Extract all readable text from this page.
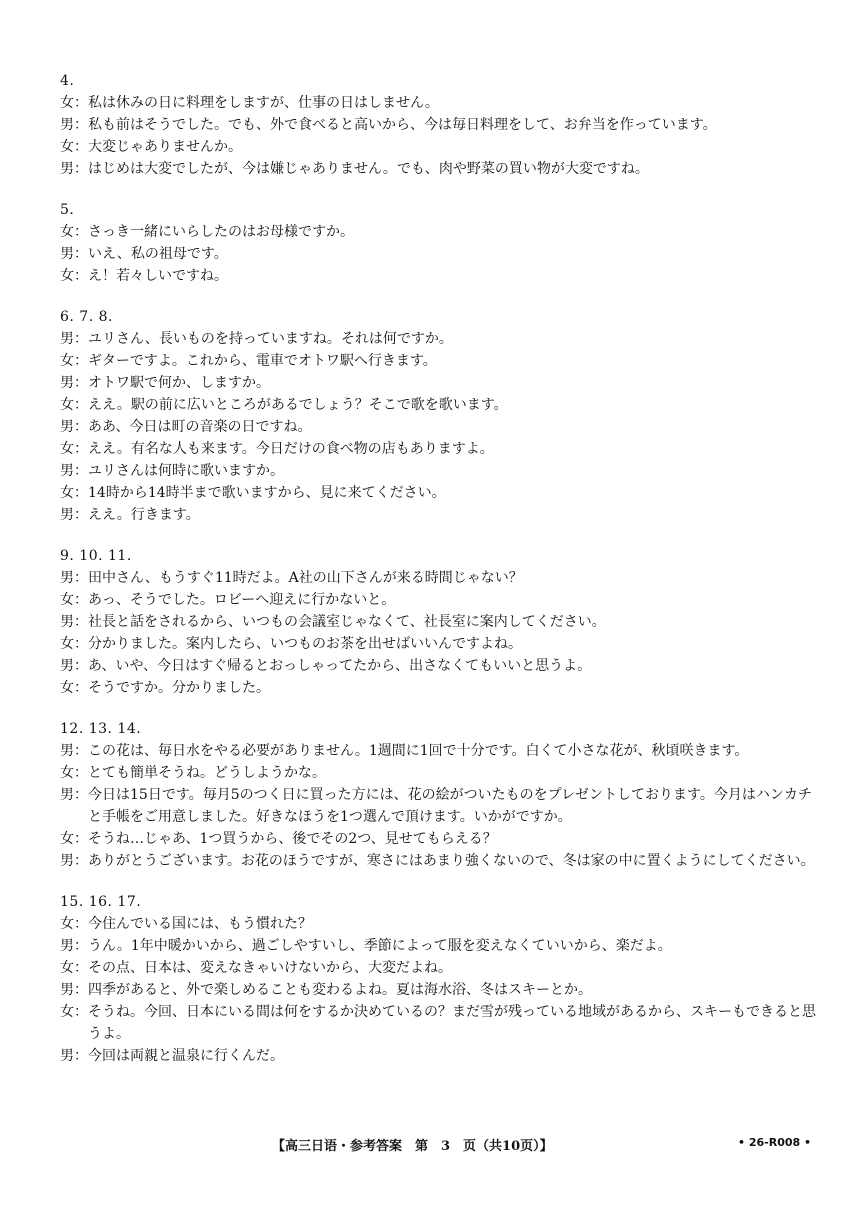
4.
女： 私は休みの日に料理をしますが、仕事の日はしません。
男： 私も前はそうでした。でも、外で食べると高いから、今は毎日料理をして、お弁当を作っています。
女： 大変じゃありませんか。
男： はじめは大変でしたが、今は嫌じゃありません。でも、肉や野菜の買い物が大変ですね。
5.
女： さっき一緒にいらしたのはお母様ですか。
男： いえ、私の祖母です。
女： え！若々しいですね。
6. 7. 8.
男： ユリさん、長いものを持っていますね。それは何ですか。
女： ギターですよ。これから、電車でオトワ駅へ行きます。
男： オトワ駅で何か、しますか。
女： ええ。駅の前に広いところがあるでしょう？そこで歌を歌います。
男： ああ、今日は町の音楽の日ですね。
女： ええ。有名な人も来ます。今日だけの食べ物の店もありますよ。
男： ユリさんは何時に歌いますか。
女： 14時から14時半まで歌いますから、見に来てください。
男： ええ。行きます。
9. 10. 11.
男： 田中さん、もうすぐ11時だよ。A社の山下さんが来る時間じゃない？
女： あっ、そうでした。ロビーへ迎えに行かないと。
男： 社長と話をされるから、いつもの会議室じゃなくて、社長室に案内してください。
女： 分かりました。案内したら、いつものお茶を出せばいいんですよね。
男： あ、いや、今日はすぐ帰るとおっしゃってたから、出さなくてもいいと思うよ。
女： そうですか。分かりました。
12. 13. 14.
男： この花は、毎日水をやる必要がありません。1週間に1回で十分です。白くて小さな花が、秋頃咲きます。
女： とても簡単そうね。どうしようかな。
男： 今日は15日です。毎月5のつく日に買った方には、花の絵がついたものをプレゼントしております。今月はハンカチと手帳をご用意しました。好きなほうを1つ選んで頂けます。いかがですか。
女： そうね…じゃあ、1つ買うから、後でその2つ、見せてもらえる？
男： ありがとうございます。お花のほうですが、寒さにはあまり強くないので、冬は家の中に置くようにしてください。
15. 16. 17.
女： 今住んでいる国には、もう慣れた？
男： うん。1年中暖かいから、過ごしやすいし、季節によって服を変えなくていいから、楽だよ。
女： その点、日本は、変えなきゃいけないから、大変だよね。
男： 四季があると、外で楽しめることも変わるよね。夏は海水浴、冬はスキーとか。
女： そうね。今回、日本にいる間は何をするか決めているの？まだ雪が残っている地域があるから、スキーもできると思うよ。
男： 今回は両親と温泉に行くんだ。
【高三日语・参考答案　第　3　页（共10页）】	• 26-R008 •
